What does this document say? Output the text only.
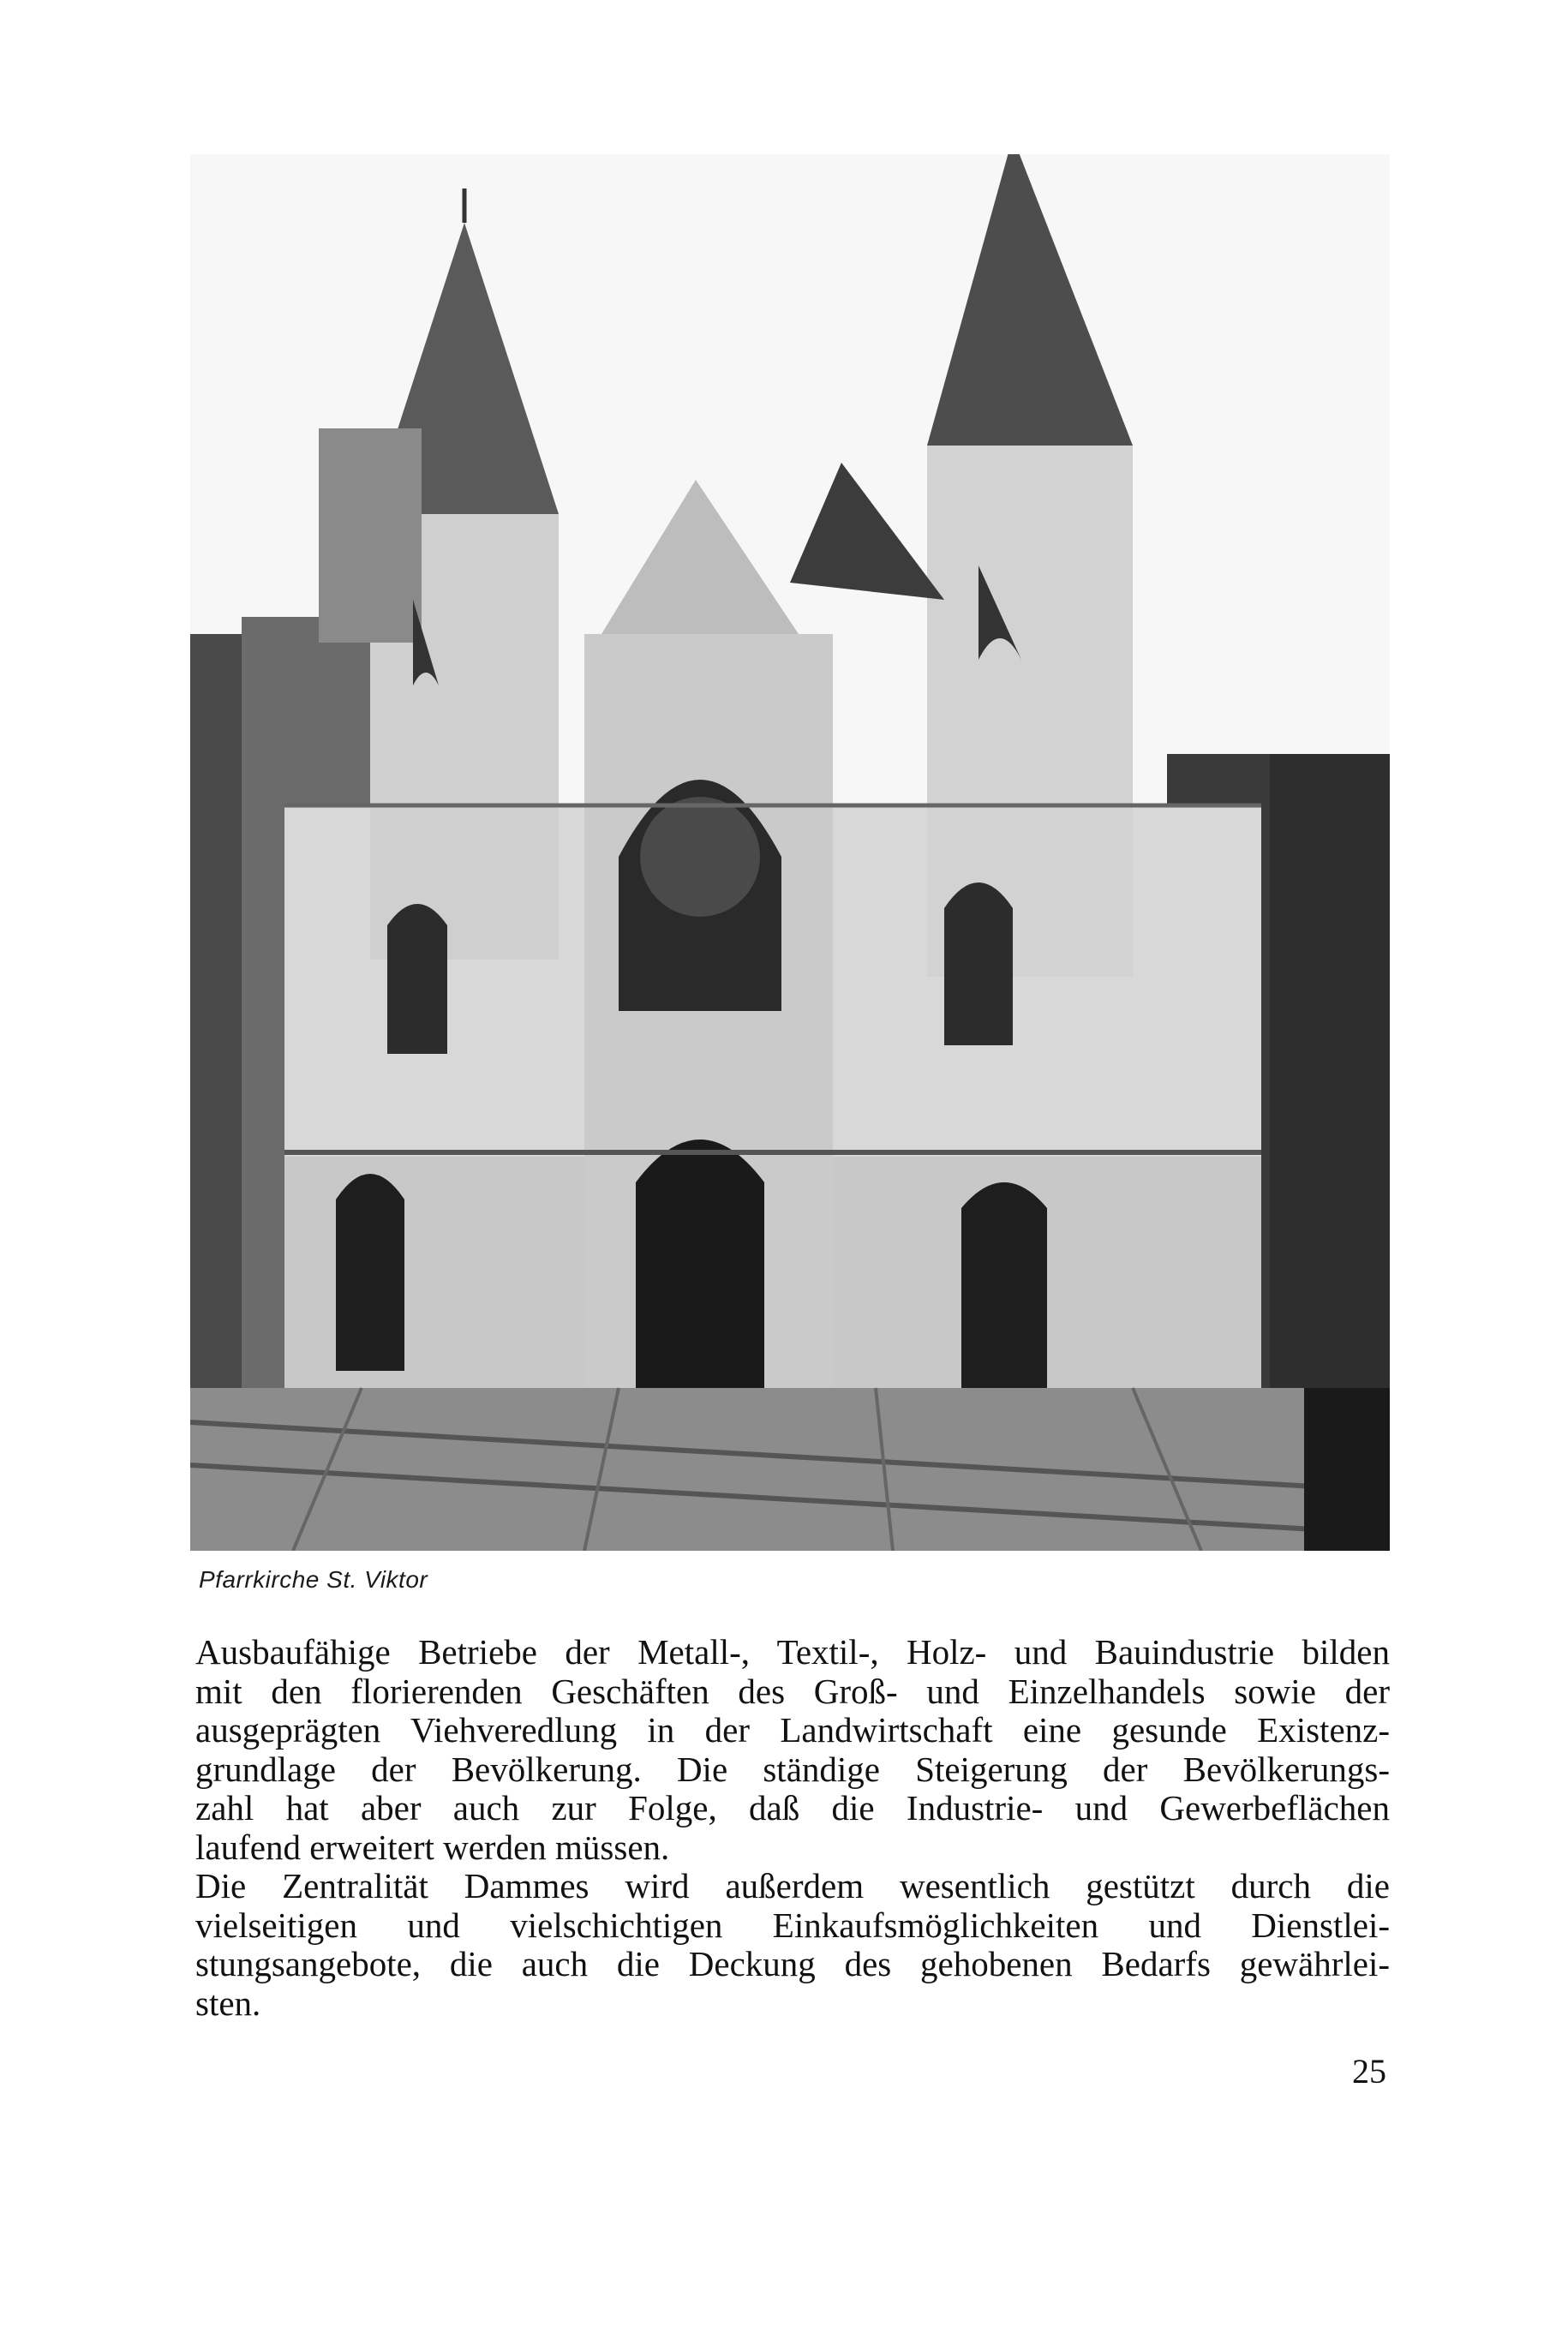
Pfarrkirche St. Viktor
Ausbaufähige Betriebe der Metall-, Textil-, Holz- und Bauindustrie bilden
mit den florierenden Geschäften des Groß- und Einzelhandels sowie der
ausgeprägten Viehveredlung in der Landwirtschaft eine gesunde Existenz-
grundlage der Bevölkerung. Die ständige Steigerung der Bevölkerungs-
zahl hat aber auch zur Folge, daß die Industrie- und Gewerbeflächen
laufend erweitert werden müssen.
Die Zentralität Dammes wird außerdem wesentlich gestützt durch die
vielseitigen und vielschichtigen Einkaufsmöglichkeiten und Dienstlei-
stungsangebote, die auch die Deckung des gehobenen Bedarfs gewährlei-
sten.
25
